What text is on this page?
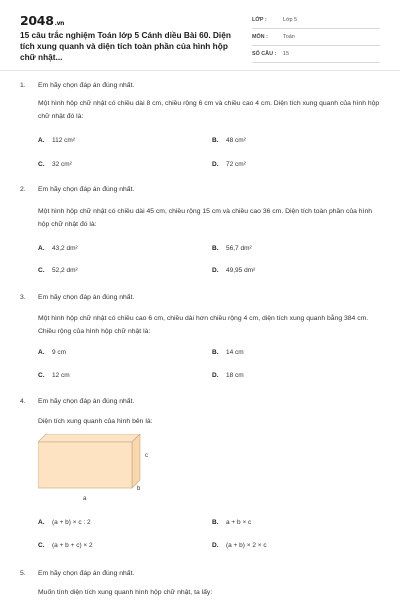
2048.vn
15 câu trắc nghiệm Toán lớp 5 Cánh diều Bài 60. Diện tích xung quanh và diện tích toàn phần của hình hộp chữ nhật...
LỚP :	Lớp 5
MÔN :	Toán
SỐ CÂU : 15
1. Em hãy chọn đáp án đúng nhất.
Một hình hộp chữ nhật có chiều dài 8 cm, chiều rộng 6 cm và chiều cao 4 cm. Diện tích xung quanh của hình hộp chữ nhật đó là:
A. 112 cm²	B. 48 cm²
C. 32 cm²	D. 72 cm²
2. Em hãy chọn đáp án đúng nhất.
Một hình hộp chữ nhật có chiều dài 45 cm, chiều rộng 15 cm và chiều cao 36 cm. Diện tích toàn phần của hình hộp chữ nhật đó là:
A. 43,2 dm²	B. 56,7 dm²
C. 52,2 dm²	D. 49,95 dm²
3. Em hãy chọn đáp án đúng nhất.
Một hình hộp chữ nhật có chiều cao 6 cm, chiều dài hơn chiều rộng 4 cm, diện tích xung quanh bằng 384 cm. Chiều rộng của hình hộp chữ nhật là:
A. 9 cm	B. 14 cm
C. 12 cm	D. 18 cm
4. Em hãy chọn đáp án đúng nhất.
Diện tích xung quanh của hình bên là:
A. (a + b) × c : 2	B. a + b × c
C. (a + b + c) × 2	D. (a + b) × 2 × c
c
b
a
5. Em hãy chọn đáp án đúng nhất.
Muốn tính diện tích xung quanh hình hộp chữ nhật, ta lấy:
